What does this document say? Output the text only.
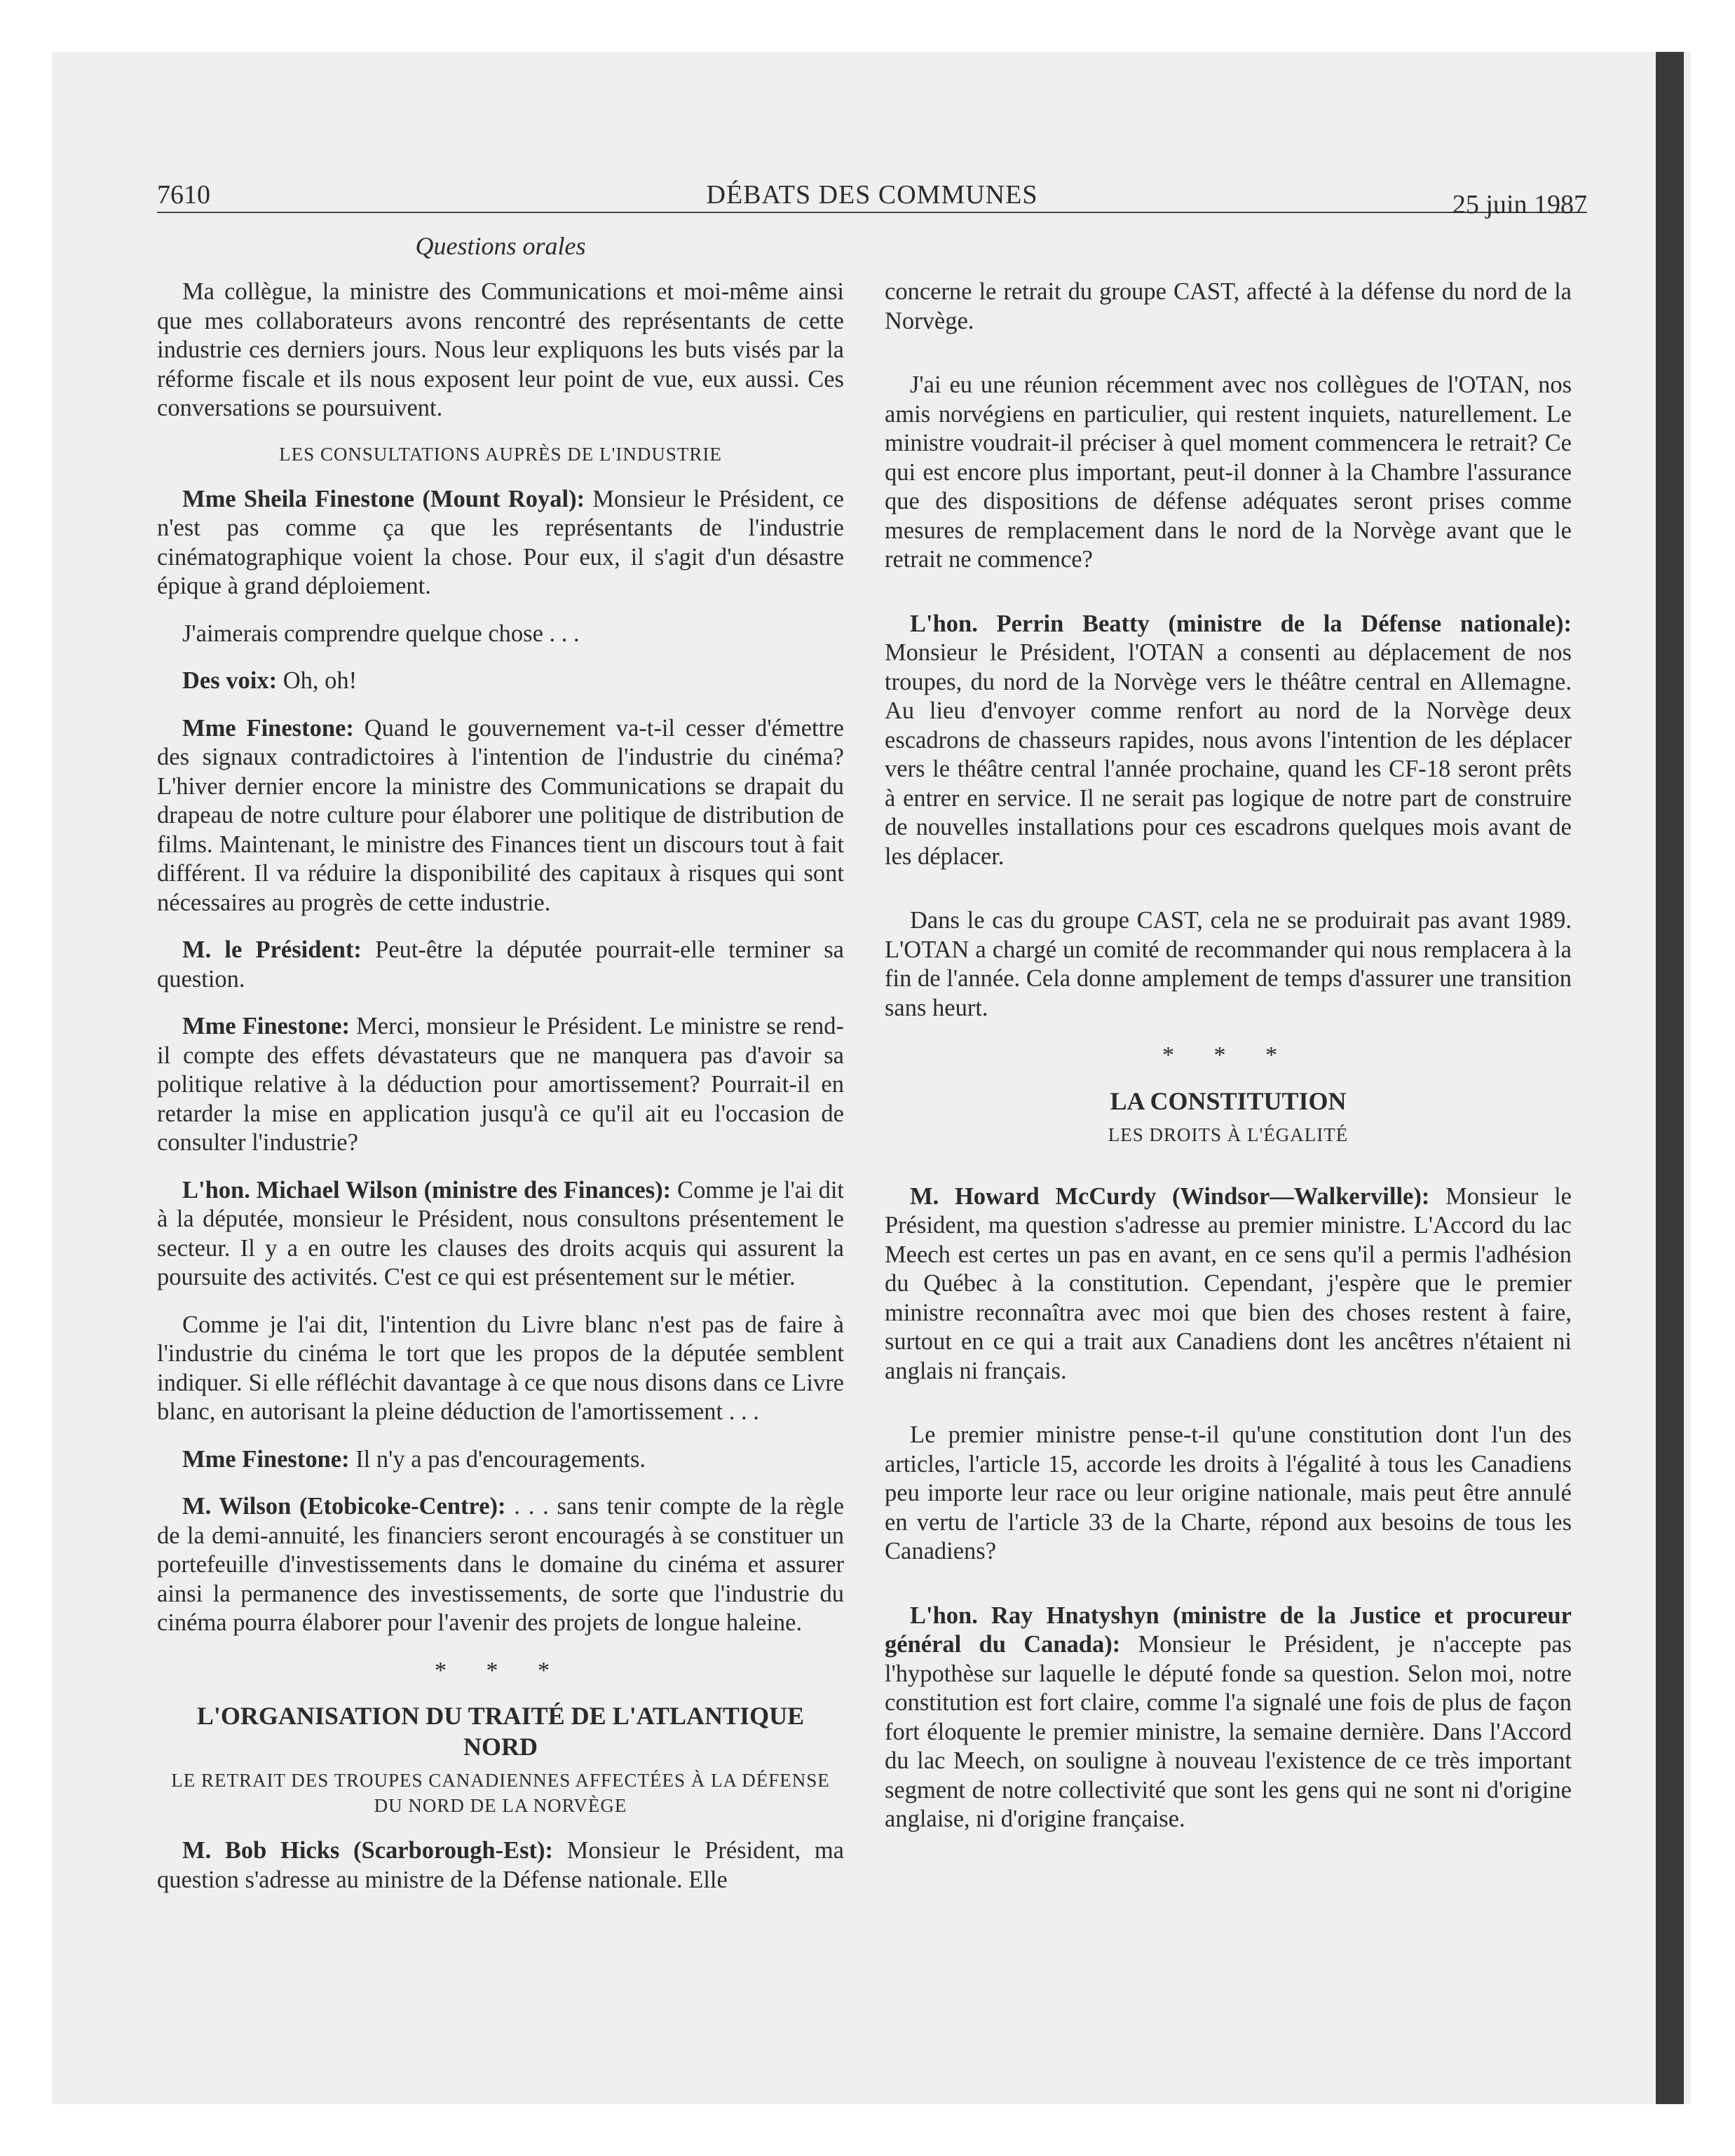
7610	DÉBATS DES COMMUNES	25 juin 1987
Questions orales

Ma collègue, la ministre des Communications et moi-même ainsi que mes collaborateurs avons rencontré des représentants de cette industrie ces derniers jours. Nous leur expliquons les buts visés par la réforme fiscale et ils nous exposent leur point de vue, eux aussi. Ces conversations se poursuivent.

LES CONSULTATIONS AUPRÈS DE L'INDUSTRIE

Mme Sheila Finestone (Mount Royal): Monsieur le Président, ce n'est pas comme ça que les représentants de l'industrie cinématographique voient la chose. Pour eux, il s'agit d'un désastre épique à grand déploiement.

J'aimerais comprendre quelque chose . . .

Des voix: Oh, oh!

Mme Finestone: Quand le gouvernement va-t-il cesser d'émettre des signaux contradictoires à l'intention de l'industrie du cinéma? L'hiver dernier encore la ministre des Communications se drapait du drapeau de notre culture pour élaborer une politique de distribution de films. Maintenant, le ministre des Finances tient un discours tout à fait différent. Il va réduire la disponibilité des capitaux à risques qui sont nécessaires au progrès de cette industrie.

M. le Président: Peut-être la députée pourrait-elle terminer sa question.

Mme Finestone: Merci, monsieur le Président. Le ministre se rend-il compte des effets dévastateurs que ne manquera pas d'avoir sa politique relative à la déduction pour amortissement? Pourrait-il en retarder la mise en application jusqu'à ce qu'il ait eu l'occasion de consulter l'industrie?

L'hon. Michael Wilson (ministre des Finances): Comme je l'ai dit à la députée, monsieur le Président, nous consultons présentement le secteur. Il y a en outre les clauses des droits acquis qui assurent la poursuite des activités. C'est ce qui est présentement sur le métier.

Comme je l'ai dit, l'intention du Livre blanc n'est pas de faire à l'industrie du cinéma le tort que les propos de la députée semblent indiquer. Si elle réfléchit davantage à ce que nous disons dans ce Livre blanc, en autorisant la pleine déduction de l'amortissement . . .

Mme Finestone: Il n'y a pas d'encouragements.

M. Wilson (Etobicoke-Centre): . . . sans tenir compte de la règle de la demi-annuité, les financiers seront encouragés à se constituer un portefeuille d'investissements dans le domaine du cinéma et assurer ainsi la permanence des investissements, de sorte que l'industrie du cinéma pourra élaborer pour l'avenir des projets de longue haleine.

* * *
L'ORGANISATION DU TRAITÉ DE L'ATLANTIQUE NORD
LE RETRAIT DES TROUPES CANADIENNES AFFECTÉES À LA DÉFENSE DU NORD DE LA NORVÈGE

M. Bob Hicks (Scarborough-Est): Monsieur le Président, ma question s'adresse au ministre de la Défense nationale. Elle

concerne le retrait du groupe CAST, affecté à la défense du nord de la Norvège.

J'ai eu une réunion récemment avec nos collègues de l'OTAN, nos amis norvégiens en particulier, qui restent inquiets, naturellement. Le ministre voudrait-il préciser à quel moment commencera le retrait? Ce qui est encore plus important, peut-il donner à la Chambre l'assurance que des dispositions de défense adéquates seront prises comme mesures de remplacement dans le nord de la Norvège avant que le retrait ne commence?

L'hon. Perrin Beatty (ministre de la Défense nationale): Monsieur le Président, l'OTAN a consenti au déplacement de nos troupes, du nord de la Norvège vers le théâtre central en Allemagne. Au lieu d'envoyer comme renfort au nord de la Norvège deux escadrons de chasseurs rapides, nous avons l'intention de les déplacer vers le théâtre central l'année prochaine, quand les CF-18 seront prêts à entrer en service. Il ne serait pas logique de notre part de construire de nouvelles installations pour ces escadrons quelques mois avant de les déplacer.

Dans le cas du groupe CAST, cela ne se produirait pas avant 1989. L'OTAN a chargé un comité de recommander qui nous remplacera à la fin de l'année. Cela donne amplement de temps d'assurer une transition sans heurt.

* * *
LA CONSTITUTION
LES DROITS À L'ÉGALITÉ

M. Howard McCurdy (Windsor—Walkerville): Monsieur le Président, ma question s'adresse au premier ministre. L'Accord du lac Meech est certes un pas en avant, en ce sens qu'il a permis l'adhésion du Québec à la constitution. Cependant, j'espère que le premier ministre reconnaîtra avec moi que bien des choses restent à faire, surtout en ce qui a trait aux Canadiens dont les ancêtres n'étaient ni anglais ni français.

Le premier ministre pense-t-il qu'une constitution dont l'un des articles, l'article 15, accorde les droits à l'égalité à tous les Canadiens peu importe leur race ou leur origine nationale, mais peut être annulé en vertu de l'article 33 de la Charte, répond aux besoins de tous les Canadiens?

L'hon. Ray Hnatyshyn (ministre de la Justice et procureur général du Canada): Monsieur le Président, je n'accepte pas l'hypothèse sur laquelle le député fonde sa question. Selon moi, notre constitution est fort claire, comme l'a signalé une fois de plus de façon fort éloquente le premier ministre, la semaine dernière. Dans l'Accord du lac Meech, on souligne à nouveau l'existence de ce très important segment de notre collectivité que sont les gens qui ne sont ni d'origine anglaise, ni d'origine française.
